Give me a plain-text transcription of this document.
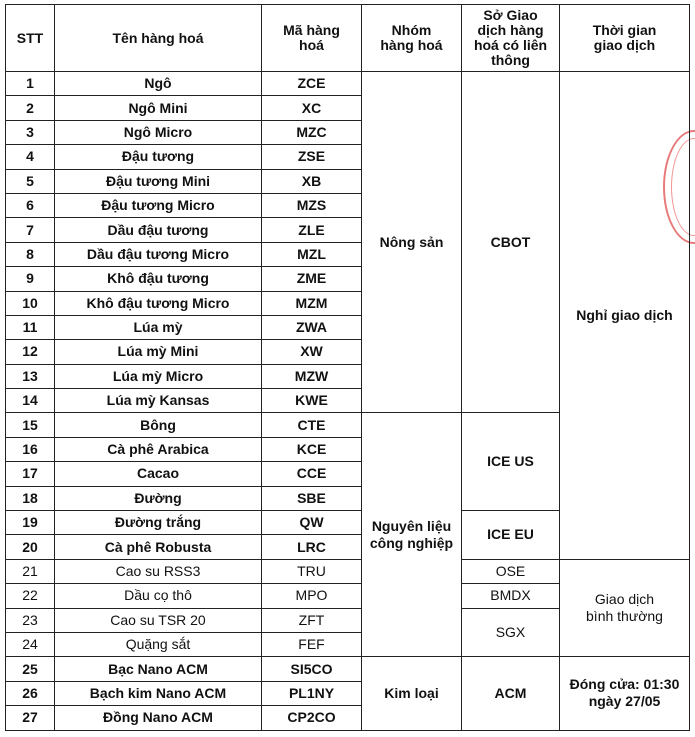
STT	Tên hàng hoá	Mã hàng hoá	Nhóm hàng hoá	Sở Giao dịch hàng hoá có liên thông	Thời gian giao dịch
1	Ngô	ZCE	Nông sản	CBOT	Nghỉ giao dịch
2	Ngô Mini	XC			
3	Ngô Micro	MZC			
4	Đậu tương	ZSE			
5	Đậu tương Mini	XB			
6	Đậu tương Micro	MZS			
7	Dầu đậu tương	ZLE			
8	Dầu đậu tương Micro	MZL			
9	Khô đậu tương	ZME			
10	Khô đậu tương Micro	MZM			
11	Lúa mỳ	ZWA			
12	Lúa mỳ Mini	XW			
13	Lúa mỳ Micro	MZW			
14	Lúa mỳ Kansas	KWE			
15	Bông	CTE	Nguyên liệu công nghiệp	ICE US	
16	Cà phê Arabica	KCE			
17	Cacao	CCE			
18	Đường	SBE			
19	Đường trắng	QW		ICE EU	
20	Cà phê Robusta	LRC			
21	Cao su RSS3	TRU		OSE	Giao dịch bình thường
22	Dầu cọ thô	MPO		BMDX	
23	Cao su TSR 20	ZFT		SGX	
24	Quặng sắt	FEF			
25	Bạc Nano ACM	SI5CO	Kim loại	ACM	Đóng cửa: 01:30 ngày 27/05
26	Bạch kim Nano ACM	PL1NY			
27	Đồng Nano ACM	CP2CO			
